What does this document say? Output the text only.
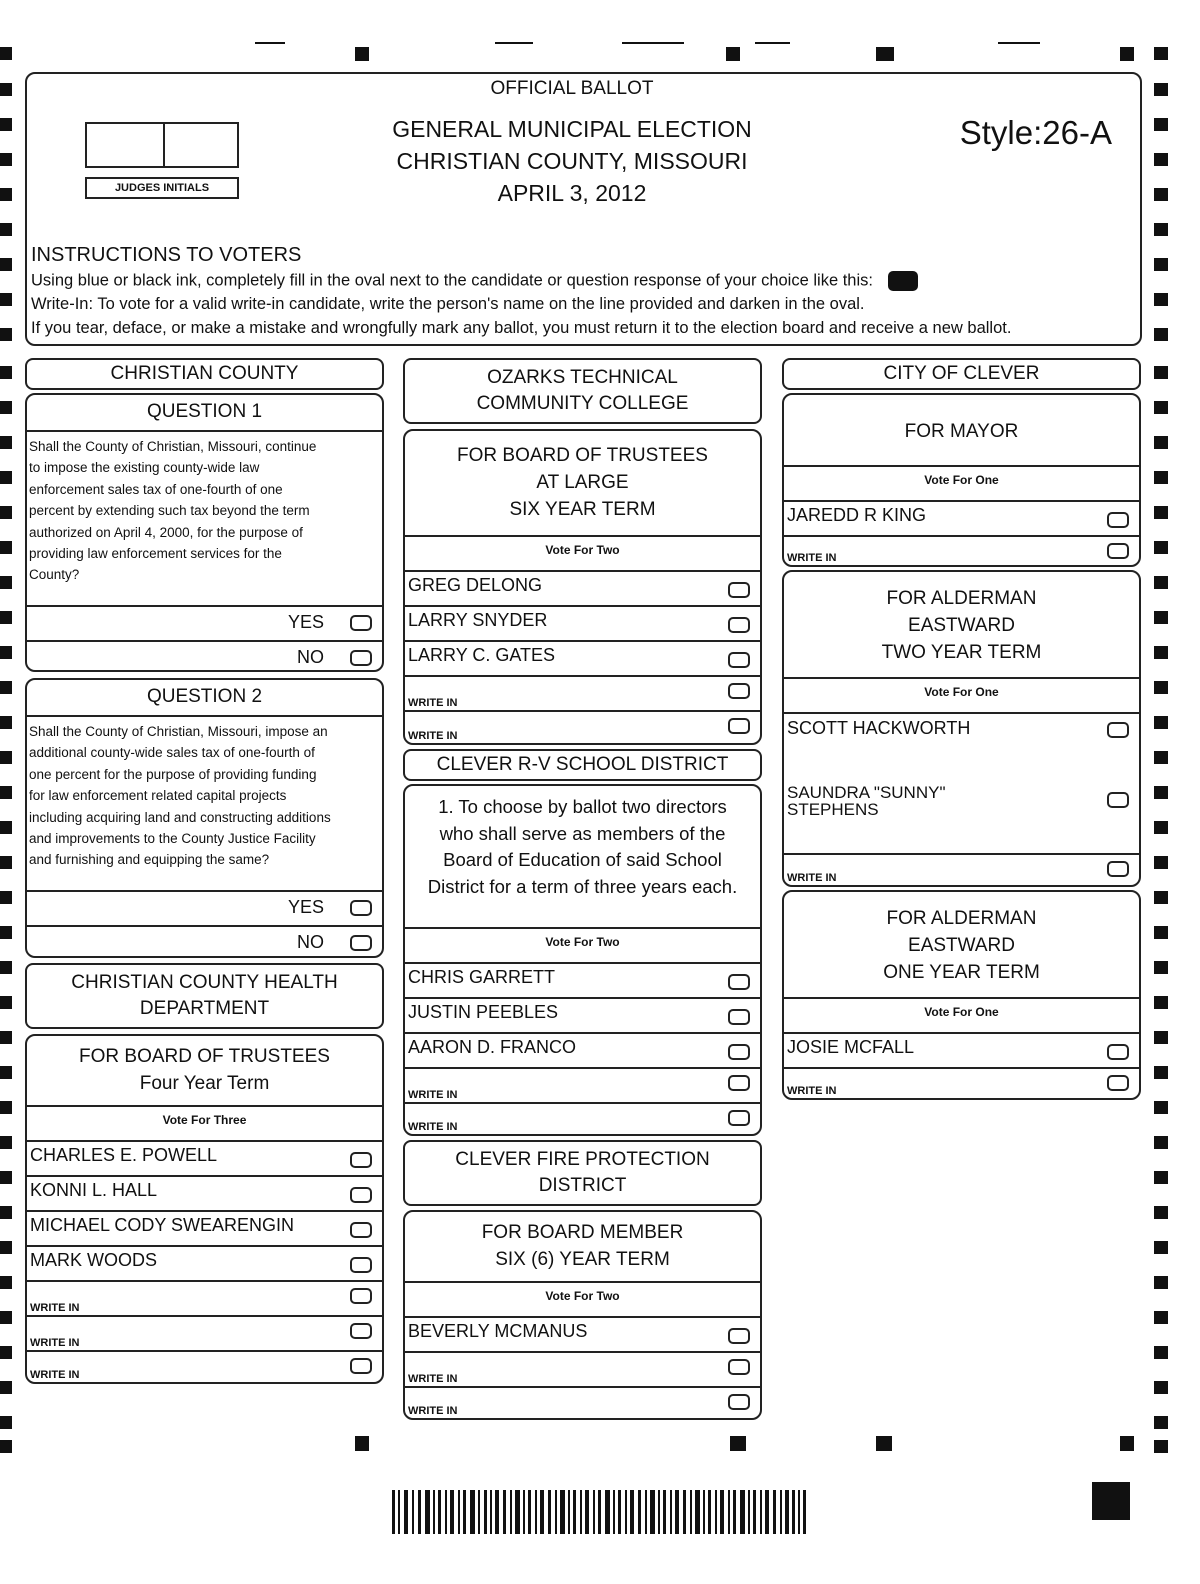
JUDGES INITIALS
OFFICIAL BALLOT
GENERAL MUNICIPAL ELECTION
CHRISTIAN COUNTY, MISSOURI
APRIL 3, 2012
Style:26-A
INSTRUCTIONS TO VOTERS
Using blue or black ink, completely fill in the oval next to the candidate or question response of your choice like this:
Write-In: To vote for a valid write-in candidate, write the person's name on the line provided and darken in the oval.
If you tear, deface, or make a mistake and wrongfully mark any ballot, you must return it to the election board and receive a new ballot.
CHRISTIAN COUNTY
QUESTION 1
Shall the County of Christian, Missouri, continue
to impose the existing county-wide law
enforcement sales tax of one-fourth of one
percent by extending such tax beyond the term
authorized on April 4, 2000, for the purpose of
providing law enforcement services for the
County?
YES
NO
QUESTION 2
Shall the County of Christian, Missouri, impose an
additional county-wide sales tax of one-fourth of
one percent for the purpose of providing funding
for law enforcement related capital projects
including acquiring land and constructing additions
and improvements to the County Justice Facility
and furnishing and equipping the same?
YES
NO
CHRISTIAN COUNTY HEALTH
DEPARTMENT
FOR BOARD OF TRUSTEES
Four Year Term
Vote For Three
CHARLES E. POWELL
KONNI L. HALL
MICHAEL CODY SWEARENGIN
MARK WOODS
WRITE IN
WRITE IN
WRITE IN
OZARKS TECHNICAL
COMMUNITY COLLEGE
FOR BOARD OF TRUSTEES
AT LARGE
SIX YEAR TERM
Vote For Two
GREG DELONG
LARRY SNYDER
LARRY C. GATES
WRITE IN
WRITE IN
CLEVER R-V SCHOOL DISTRICT
1. To choose by ballot two directors
who shall serve as members of the
Board of Education of said School
District for a term of three years each.
Vote For Two
CHRIS GARRETT
JUSTIN PEEBLES
AARON D. FRANCO
WRITE IN
WRITE IN
CLEVER FIRE PROTECTION
DISTRICT
FOR BOARD MEMBER
SIX (6) YEAR TERM
Vote For Two
BEVERLY MCMANUS
WRITE IN
WRITE IN
CITY OF CLEVER
FOR MAYOR
Vote For One
JAREDD R KING
WRITE IN
FOR ALDERMAN
EASTWARD
TWO YEAR TERM
Vote For One
SCOTT HACKWORTH
SAUNDRA "SUNNY"
STEPHENS
WRITE IN
FOR ALDERMAN
EASTWARD
ONE YEAR TERM
Vote For One
JOSIE MCFALL
WRITE IN
